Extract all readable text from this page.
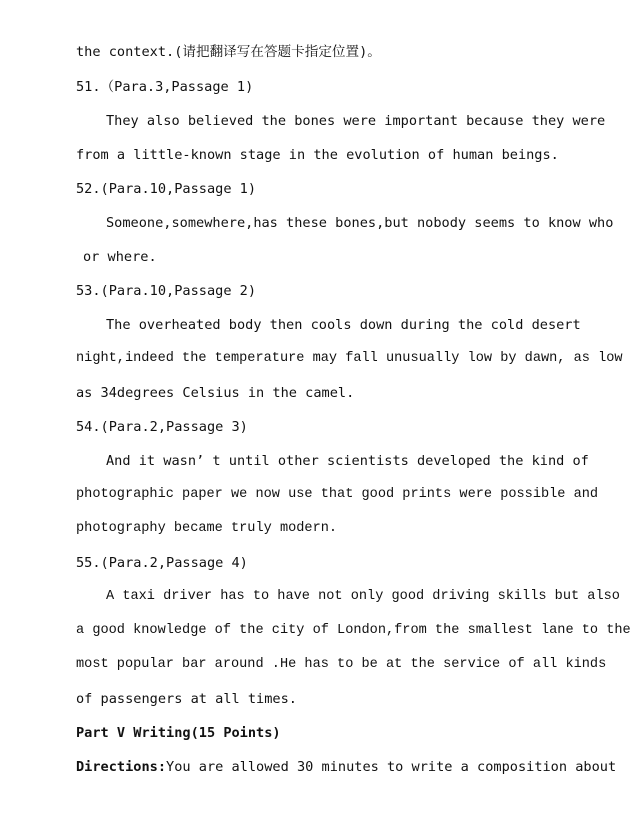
the context.(请把翻译写在答题卡指定位置)。
51.（Para.3,Passage 1)
They also believed the bones were important because they were
from a little-known stage in the evolution of human beings.
52.(Para.10,Passage 1)
Someone,somewhere,has these bones,but nobody seems to know who
or where.
53.(Para.10,Passage 2)
The overheated body then cools down during the cold desert
night,indeed the temperature may fall unusually low by dawn, as low
as 34degrees Celsius in the camel.
54.(Para.2,Passage 3)
And it wasn’ t until other scientists developed the kind of
photographic paper we now use that good prints were possible and
photography became truly modern.
55.(Para.2,Passage 4)
A taxi driver has to have not only good driving skills but also
a good knowledge of the city of London,from the smallest lane to the
most popular bar around .He has to be at the service of all kinds
of passengers at all times.
Part V Writing(15 Points)
Directions:You are allowed 30 minutes to write a composition about
